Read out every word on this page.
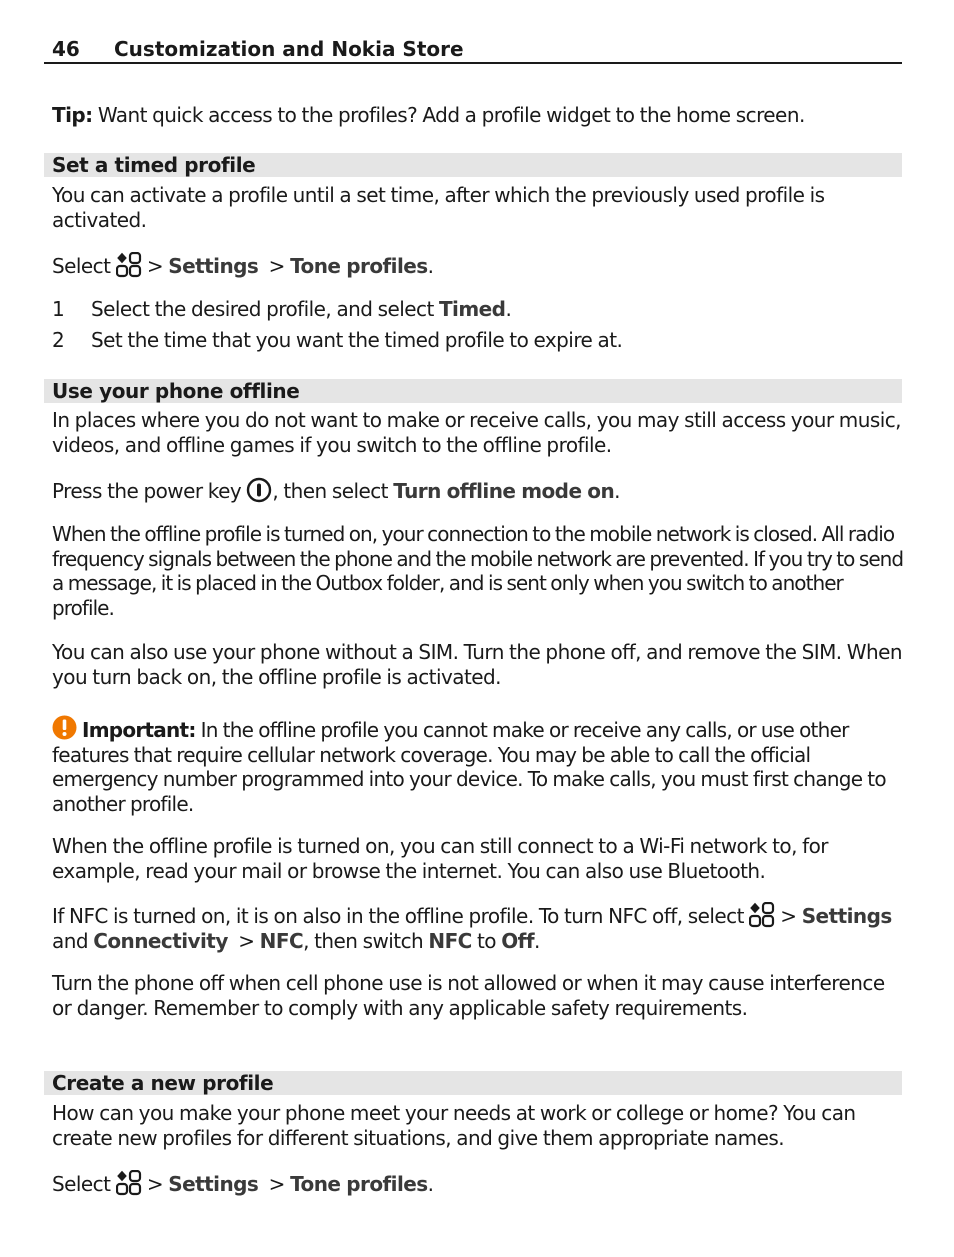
46 Customization and Nokia Store
Tip: Want quick access to the profiles? Add a profile widget to the home screen.
Set a timed profile
You can activate a profile until a set time, after which the previously used profile is activated.
Select
> Settings  > Tone profiles.
1 Select the desired profile, and select Timed.
2 Set the time that you want the timed profile to expire at.
Use your phone offline
In places where you do not want to make or receive calls, you may still access your music, videos, and offline games if you switch to the offline profile.
Press the power key
, then select Turn offline mode on.
When the offline profile is turned on, your connection to the mobile network is closed. All radio frequency signals between the phone and the mobile network are prevented. If you try to send a message, it is placed in the Outbox folder, and is sent only when you switch to another profile.
You can also use your phone without a SIM. Turn the phone off, and remove the SIM. When you turn back on, the offline profile is activated.
Important: In the offline profile you cannot make or receive any calls, or use other features that require cellular network coverage. You may be able to call the official emergency number programmed into your device. To make calls, you must first change to another profile.
When the offline profile is turned on, you can still connect to a Wi-Fi network to, for example, read your mail or browse the internet. You can also use Bluetooth.
If NFC is turned on, it is on also in the offline profile. To turn NFC off, select
> Settings and Connectivity  > NFC, then switch NFC to Off.
Turn the phone off when cell phone use is not allowed or when it may cause interference or danger. Remember to comply with any applicable safety requirements.
Create a new profile
How can you make your phone meet your needs at work or college or home? You can create new profiles for different situations, and give them appropriate names.
Select
> Settings  > Tone profiles.
